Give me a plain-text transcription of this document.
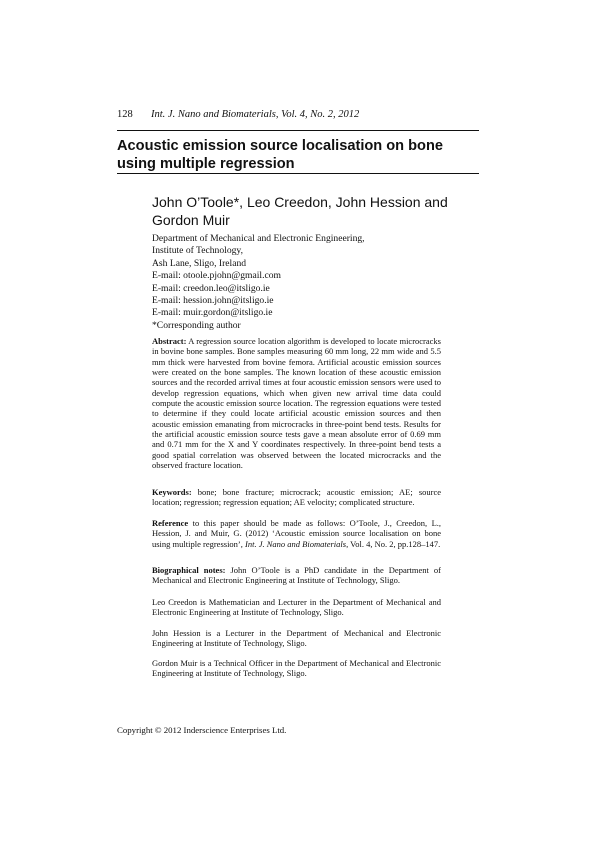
128 Int. J. Nano and Biomaterials, Vol. 4, No. 2, 2012
Acoustic emission source localisation on bone using multiple regression

John O’Toole*, Leo Creedon, John Hession and Gordon Muir

Department of Mechanical and Electronic Engineering,
Institute of Technology,
Ash Lane, Sligo, Ireland
E-mail: otoole.pjohn@gmail.com
E-mail: creedon.leo@itsligo.ie
E-mail: hession.john@itsligo.ie
E-mail: muir.gordon@itsligo.ie
*Corresponding author

Abstract: A regression source location algorithm is developed to locate microcracks in bovine bone samples. Bone samples measuring 60 mm long, 22 mm wide and 5.5 mm thick were harvested from bovine femora. Artificial acoustic emission sources were created on the bone samples. The known location of these acoustic emission sources and the recorded arrival times at four acoustic emission sensors were used to develop regression equations, which when given new arrival time data could compute the acoustic emission source location. The regression equations were tested to determine if they could locate artificial acoustic emission sources and then acoustic emission emanating from microcracks in three-point bend tests. Results for the artificial acoustic emission source tests gave a mean absolute error of 0.69 mm and 0.71 mm for the X and Y coordinates respectively. In three-point bend tests a good spatial correlation was observed between the located microcracks and the observed fracture location.

Keywords: bone; bone fracture; microcrack; acoustic emission; AE; source location; regression; regression equation; AE velocity; complicated structure.

Reference to this paper should be made as follows: O’Toole, J., Creedon, L., Hession, J. and Muir, G. (2012) ‘Acoustic emission source localisation on bone using multiple regression’, Int. J. Nano and Biomaterials, Vol. 4, No. 2, pp.128–147.

Biographical notes: John O’Toole is a PhD candidate in the Department of Mechanical and Electronic Engineering at Institute of Technology, Sligo.

Leo Creedon is Mathematician and Lecturer in the Department of Mechanical and Electronic Engineering at Institute of Technology, Sligo.

John Hession is a Lecturer in the Department of Mechanical and Electronic Engineering at Institute of Technology, Sligo.

Gordon Muir is a Technical Officer in the Department of Mechanical and Electronic Engineering at Institute of Technology, Sligo.

Copyright © 2012 Inderscience Enterprises Ltd.
